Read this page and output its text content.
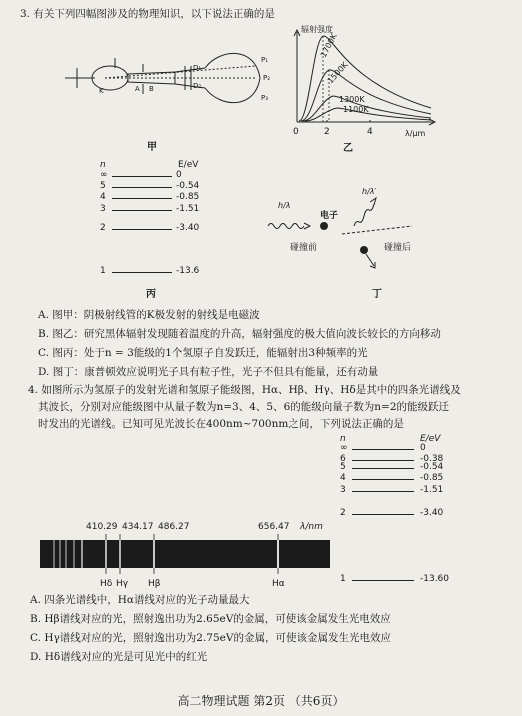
3. 有关下列四幅图涉及的物理知识，以下说法正确的是
K	A B
D₁
D₂
P₁
P₂
P₃
甲
辐射强度
λ/μm
0	2	4
1700K
1500K
1300K
1100K
乙
n	E/eV
∞	0
5	-0.54
4	-0.85
3	-1.51
2	-3.40
1	-13.6
丙
h/λ
h/λ′
电子
碰撞前	碰撞后
丁
A. 图甲：阴极射线管的K极发射的射线是电磁波
B. 图乙：研究黑体辐射发现随着温度的升高，辐射强度的极大值向波长较长的方向移动
C. 图丙：处于n = 3能级的1个氢原子自发跃迁，能辐射出3种频率的光
D. 图丁：康普顿效应说明光子具有粒子性，光子不但具有能量，还有动量
4. 如图所示为氢原子的发射光谱和氢原子能级图，Hα、Hβ、Hγ、Hδ是其中的四条光谱线及
其波长，分别对应能级图中从量子数为n=3、4、5、6的能级向量子数为n=2的能级跃迁
时发出的光谱线。已知可见光波长在400nm~700nm之间，下列说法正确的是
n	E/eV
∞	0
6	-0.38
5	-0.54
4	-0.85
3	-1.51
2	-3.40
1	-13.60
410.29 434.17 486.27	656.47 λ/nm
Hδ Hγ Hβ	Hα
A. 四条光谱线中，Hα谱线对应的光子动量最大
B. Hβ谱线对应的光，照射逸出功为2.65eV的金属，可使该金属发生光电效应
C. Hγ谱线对应的光，照射逸出功为2.75eV的金属，可使该金属发生光电效应
D. Hδ谱线对应的光是可见光中的红光
高二物理试题 第2页 （共6页）
